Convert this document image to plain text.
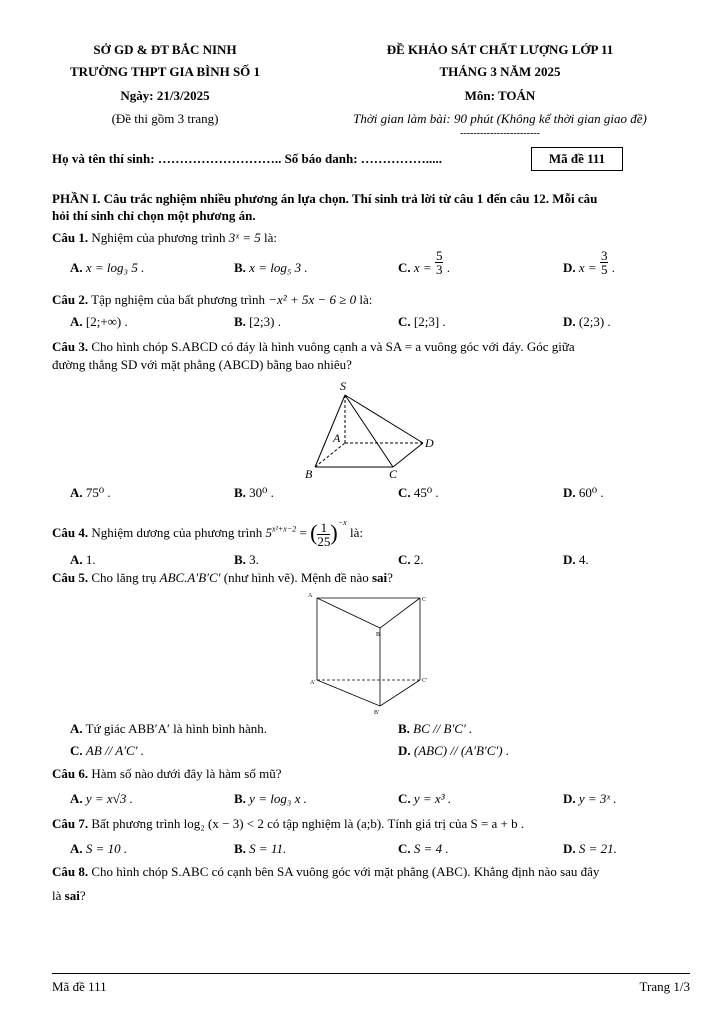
SỞ GD & ĐT BẮC NINH
TRƯỜNG THPT GIA BÌNH SỐ 1
Ngày: 21/3/2025
(Đề thi gồm 3 trang)
ĐỀ KHẢO SÁT CHẤT LƯỢNG LỚP 11
THÁNG 3 NĂM 2025
Môn: TOÁN
Thời gian làm bài: 90 phút (Không kể thời gian giao đề)
------------------------
Họ và tên thí sinh: ……………………….. Số báo danh: …………….....	Mã đề 111
PHẦN I. Câu trắc nghiệm nhiều phương án lựa chọn. Thí sinh trả lời từ câu 1 đến câu 12. Mỗi câu
hỏi thí sinh chỉ chọn một phương án.
Câu 1. Nghiệm của phương trình 3ˣ = 5 là:
A. x = log₃ 5 .	B. x = log₅ 3 .	C. $x = \frac{5}{3}$ .	D. $x = \frac{3}{5}$ .
Câu 2. Tập nghiệm của bất phương trình −x² + 5x − 6 ≥ 0 là:
A. [2;+∞) .	B. [2;3) .	C. [2;3] .	D. (2;3) .
Câu 3. Cho hình chóp S.ABCD có đáy là hình vuông cạnh a và SA = a vuông góc với đáy. Góc giữa
đường thẳng SD với mặt phẳng (ABCD) bằng bao nhiêu?
S
A
B	C
D
A. 75⁰ .	B. 30⁰ .	C. 45⁰ .	D. 60⁰ .
Câu 4. Nghiệm dương của phương trình $5^{x^2+x-2}$ = ( $\frac{1}{25} )^{-x}$ là:
A. 1.	B. 3.	C. 2.	D. 4.
Câu 5. Cho lăng trụ ABC.A′B′C′ (như hình vẽ). Mệnh đề nào sai?
A
C
B
A'	C'
B'
A. Tứ giác ABB′A′ là hình bình hành.	B. BC // B′C′ .
C. AB // A′C′ .	D. (ABC) // (A′B′C′) .
Câu 6. Hàm số nào dưới đây là hàm số mũ?
A. y = x√3 .	B. y = log₃ x .	C. y = x³ .	D. y = 3ˣ .
Câu 7. Bất phương trình log₂ (x − 3) < 2 có tập nghiệm là (a;b). Tính giá trị của S = a + b .
A. S = 10 .	B. S = 11.	C. S = 4 .	D. S = 21.
Câu 8. Cho hình chóp S.ABC có cạnh bên SA vuông góc với mặt phẳng (ABC). Khẳng định nào sau đây
là sai?
Mã đề 111	Trang 1/3
